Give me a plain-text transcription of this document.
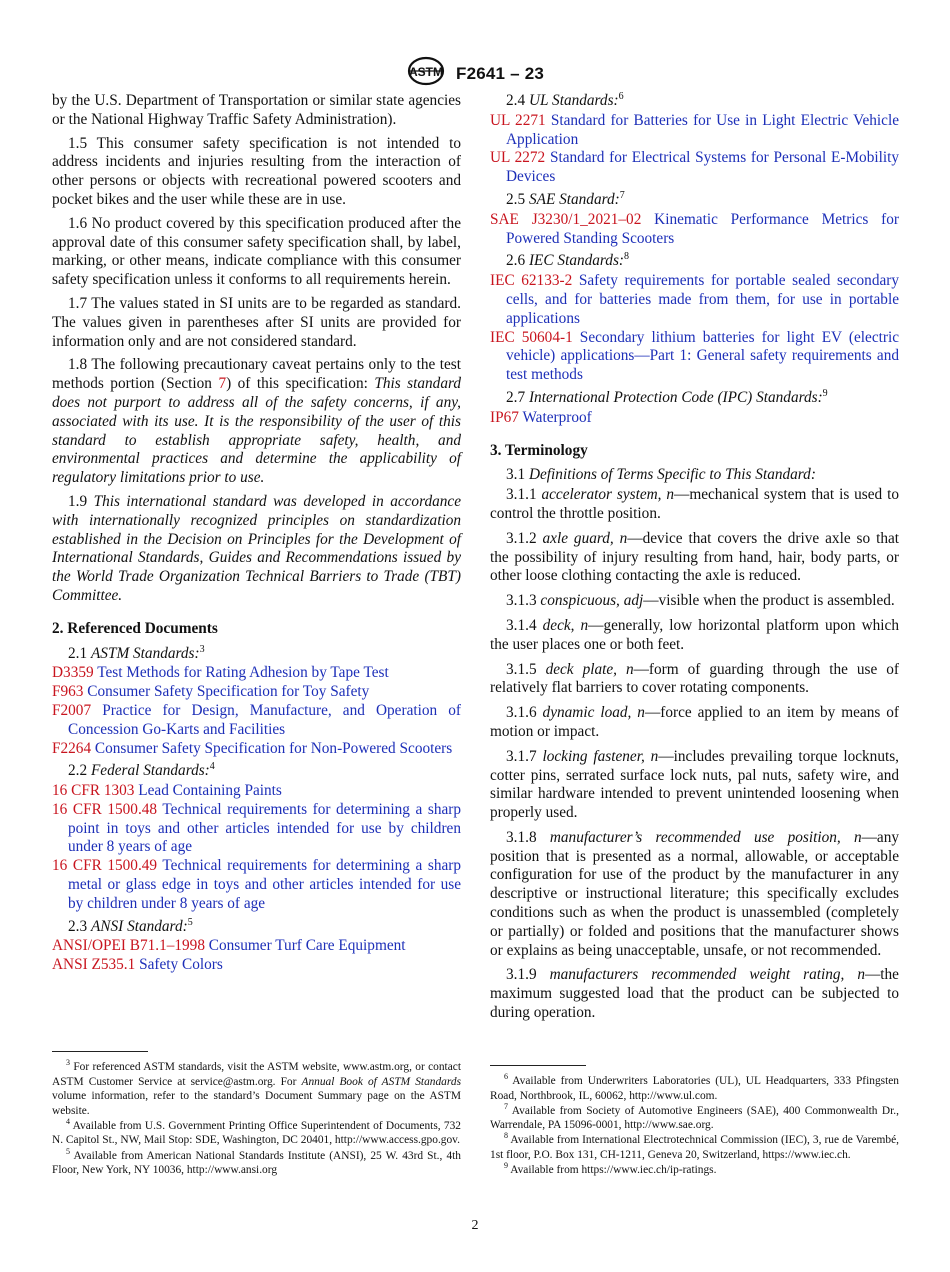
ASTM F2641 – 23

by the U.S. Department of Transportation or similar state agencies or the National Highway Traffic Safety Administration).

1.5 This consumer safety specification is not intended to address incidents and injuries resulting from the interaction of other persons or objects with recreational powered scooters and pocket bikes and the user while these are in use.

1.6 No product covered by this specification produced after the approval date of this consumer safety specification shall, by label, marking, or other means, indicate compliance with this consumer safety specification unless it conforms to all requirements herein.

1.7 The values stated in SI units are to be regarded as standard. The values given in parentheses after SI units are provided for information only and are not considered standard.

1.8 The following precautionary caveat pertains only to the test methods portion (Section 7) of this specification: This standard does not purport to address all of the safety concerns, if any, associated with its use. It is the responsibility of the user of this standard to establish appropriate safety, health, and environmental practices and determine the applicability of regulatory limitations prior to use.

1.9 This international standard was developed in accordance with internationally recognized principles on standardization established in the Decision on Principles for the Development of International Standards, Guides and Recommendations issued by the World Trade Organization Technical Barriers to Trade (TBT) Committee.

2. Referenced Documents
2.1 ASTM Standards:$^3$
D3359 Test Methods for Rating Adhesion by Tape Test
F963 Consumer Safety Specification for Toy Safety
F2007 Practice for Design, Manufacture, and Operation of Concession Go-Karts and Facilities
F2264 Consumer Safety Specification for Non-Powered Scooters
2.2 Federal Standards:$^4$
16 CFR 1303 Lead Containing Paints
16 CFR 1500.48 Technical requirements for determining a sharp point in toys and other articles intended for use by children under 8 years of age
16 CFR 1500.49 Technical requirements for determining a sharp metal or glass edge in toys and other articles intended for use by children under 8 years of age
2.3 ANSI Standard:$^5$
ANSI/OPEI B71.1–1998 Consumer Turf Care Equipment
ANSI Z535.1 Safety Colors
2.4 UL Standards:$^6$
UL 2271 Standard for Batteries for Use in Light Electric Vehicle Application
UL 2272 Standard for Electrical Systems for Personal E-Mobility Devices
2.5 SAE Standard:$^7$
SAE J3230/1_2021–02 Kinematic Performance Metrics for Powered Standing Scooters
2.6 IEC Standards:$^8$
IEC 62133-2 Safety requirements for portable sealed secondary cells, and for batteries made from them, for use in portable applications
IEC 50604-1 Secondary lithium batteries for light EV (electric vehicle) applications—Part 1: General safety requirements and test methods
2.7 International Protection Code (IPC) Standards:$^9$
IP67 Waterproof
3. Terminology
3.1 Definitions of Terms Specific to This Standard:

3.1.1 accelerator system, n—mechanical system that is used to control the throttle position.

3.1.2 axle guard, n—device that covers the drive axle so that the possibility of injury resulting from hand, hair, body parts, or other loose clothing contacting the axle is reduced.

3.1.3 conspicuous, adj—visible when the product is assembled.

3.1.4 deck, n—generally, low horizontal platform upon which the user places one or both feet.

3.1.5 deck plate, n—form of guarding through the use of relatively flat barriers to cover rotating components.

3.1.6 dynamic load, n—force applied to an item by means of motion or impact.

3.1.7 locking fastener, n—includes prevailing torque locknuts, cotter pins, serrated surface lock nuts, pal nuts, safety wire, and similar hardware intended to prevent unintended loosening when properly used.

3.1.8 manufacturer’s recommended use position, n—any position that is presented as a normal, allowable, or acceptable configuration for use of the product by the manufacturer in any descriptive or instructional literature; this specifically excludes conditions such as when the product is unassembled (completely or partially) or folded and positions that the manufacturer shows or explains as being unacceptable, unsafe, or not recommended.

3.1.9 manufacturers recommended weight rating, n—the maximum suggested load that the product can be subjected to during operation.

$^3$ For referenced ASTM standards, visit the ASTM website, www.astm.org, or contact ASTM Customer Service at service@astm.org. For Annual Book of ASTM Standards volume information, refer to the standard’s Document Summary page on the ASTM website.

$^4$ Available from U.S. Government Printing Office Superintendent of Documents, 732 N. Capitol St., NW, Mail Stop: SDE, Washington, DC 20401, http://www.access.gpo.gov.

$^5$ Available from American National Standards Institute (ANSI), 25 W. 43rd St., 4th Floor, New York, NY 10036, http://www.ansi.org

$^6$ Available from Underwriters Laboratories (UL), UL Headquarters, 333 Pfingsten Road, Northbrook, IL, 60062, http://www.ul.com.

$^7$ Available from Society of Automotive Engineers (SAE), 400 Commonwealth Dr., Warrendale, PA 15096-0001, http://www.sae.org.

$^8$ Available from International Electrotechnical Commission (IEC), 3, rue de Varembé, 1st floor, P.O. Box 131, CH-1211, Geneva 20, Switzerland, https://www.iec.ch.

$^9$ Available from https://www.iec.ch/ip-ratings.

2
